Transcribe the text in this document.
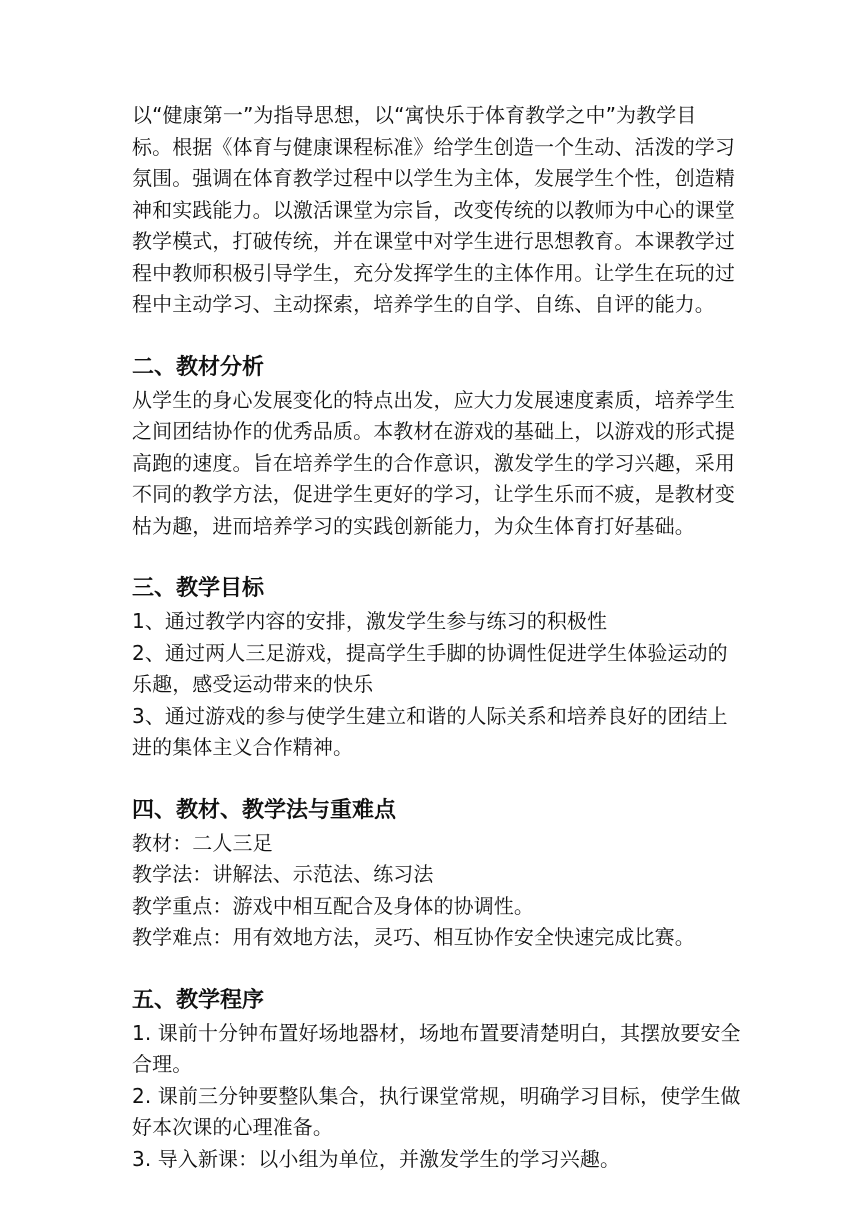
以“健康第一”为指导思想，以“寓快乐于体育教学之中”为教学目
标。根据《体育与健康课程标准》给学生创造一个生动、活泼的学习
氛围。强调在体育教学过程中以学生为主体，发展学生个性，创造精
神和实践能力。以激活课堂为宗旨，改变传统的以教师为中心的课堂
教学模式，打破传统，并在课堂中对学生进行思想教育。本课教学过
程中教师积极引导学生，充分发挥学生的主体作用。让学生在玩的过
程中主动学习、主动探索，培养学生的自学、自练、自评的能力。
二、教材分析
从学生的身心发展变化的特点出发，应大力发展速度素质，培养学生
之间团结协作的优秀品质。本教材在游戏的基础上，以游戏的形式提
高跑的速度。旨在培养学生的合作意识，激发学生的学习兴趣，采用
不同的教学方法，促进学生更好的学习，让学生乐而不疲，是教材变
枯为趣，进而培养学习的实践创新能力，为众生体育打好基础。
三、教学目标
1、通过教学内容的安排，激发学生参与练习的积极性
2、通过两人三足游戏，提高学生手脚的协调性促进学生体验运动的
乐趣，感受运动带来的快乐
3、通过游戏的参与使学生建立和谐的人际关系和培养良好的团结上
进的集体主义合作精神。
四、教材、教学法与重难点
教材：二人三足
教学法：讲解法、示范法、练习法
教学重点：游戏中相互配合及身体的协调性。
教学难点：用有效地方法，灵巧、相互协作安全快速完成比赛。
五、教学程序
1. 课前十分钟布置好场地器材，场地布置要清楚明白，其摆放要安全
合理。
2. 课前三分钟要整队集合，执行课堂常规，明确学习目标，使学生做
好本次课的心理准备。
3. 导入新课：以小组为单位，并激发学生的学习兴趣。
